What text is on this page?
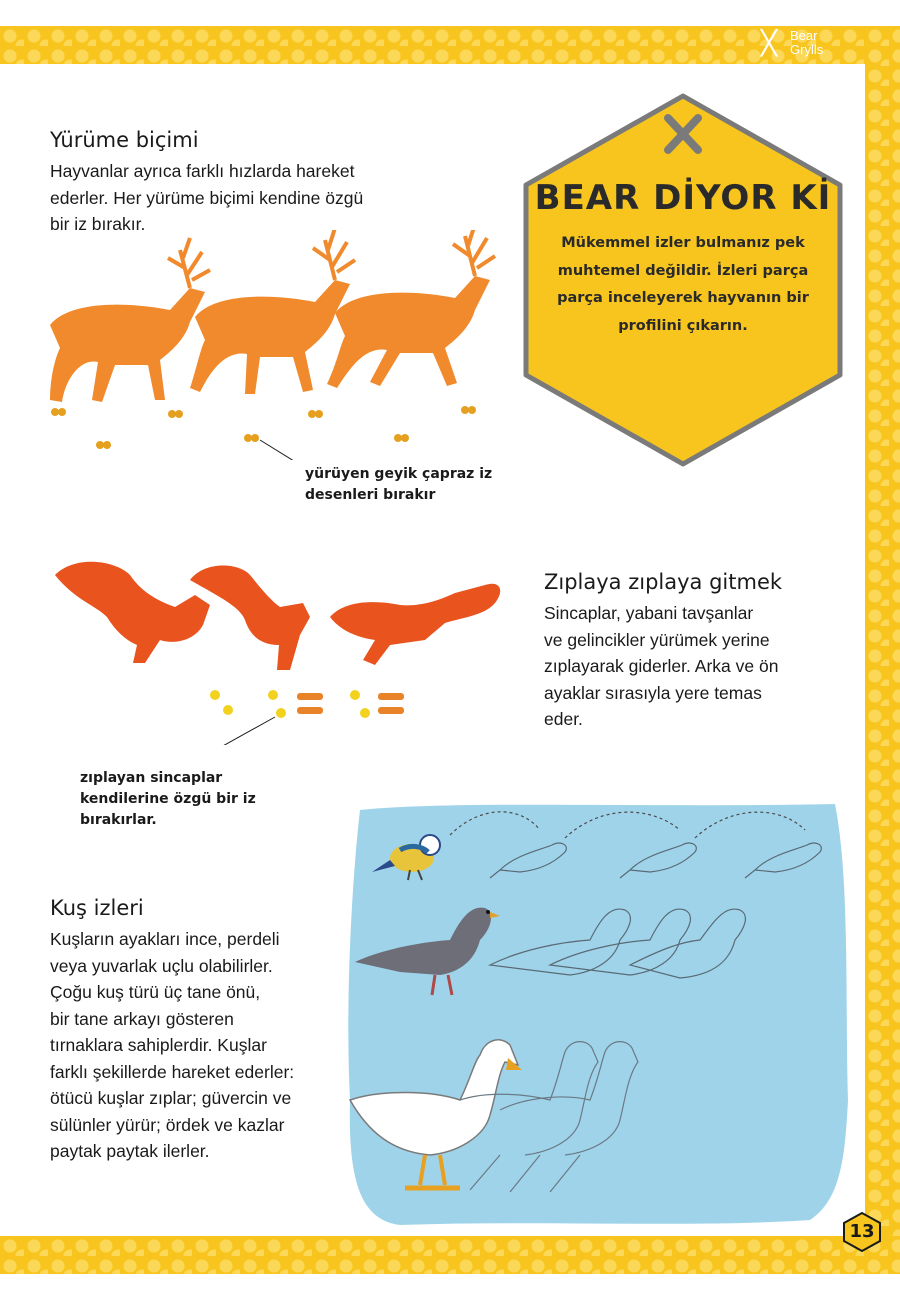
ᚷ Bear
Grylls
Yürüme biçimi
Hayvanlar ayrıca farklı hızlarda hareket
ederler. Her yürüme biçimi kendine özgü
bir iz bırakır.
yürüyen geyik çapraz iz
desenleri bırakır
BEAR DİYOR Kİ
Mükemmel izler bulmanız pek
muhtemel değildir. İzleri parça
parça inceleyerek hayvanın bir
profilini çıkarın.
zıplayan sincaplar
kendilerine özgü bir iz
bırakırlar.
Zıplaya zıplaya gitmek
Sincaplar, yabani tavşanlar
ve gelincikler yürümek yerine
zıplayarak giderler. Arka ve ön
ayaklar sırasıyla yere temas
eder.
Kuş izleri
Kuşların ayakları ince, perdeli
veya yuvarlak uçlu olabilirler.
Çoğu kuş türü üç tane önü,
bir tane arkayı gösteren
tırnaklara sahiplerdir. Kuşlar
farklı şekillerde hareket ederler:
ötücü kuşlar zıplar; güvercin ve
sülünler yürür; ördek ve kazlar
paytak paytak ilerler.
13
